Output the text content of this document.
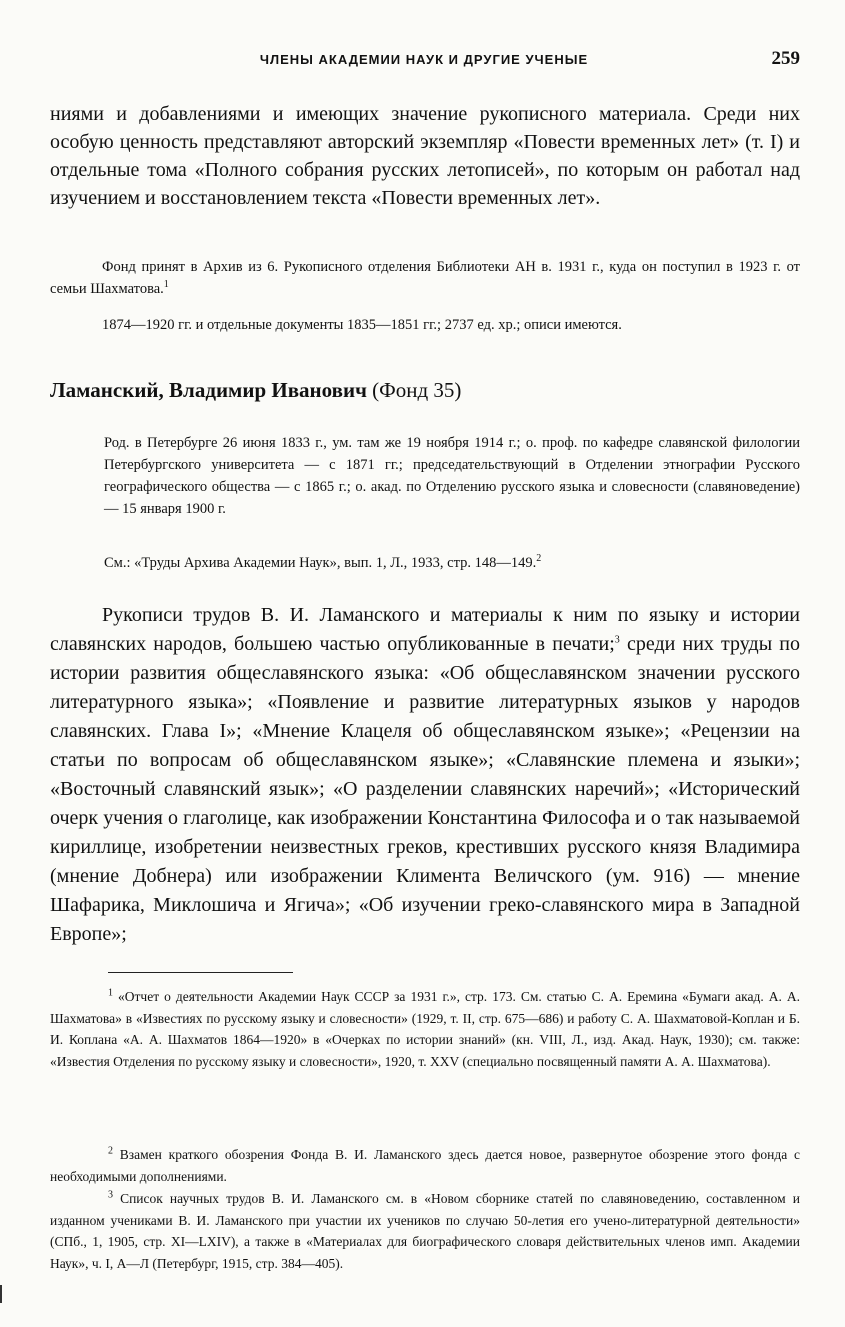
ЧЛЕНЫ АКАДЕМИИ НАУК И ДРУГИЕ УЧЕНЫЕ	259

ниями и добавлениями и имеющих значение рукописного материала. Среди них особую ценность представляют авторский экземпляр «Повести временных лет» (т. I) и отдельные тома «Полного собрания русских летописей», по которым он работал над изучением и восстановлением текста «Повести временных лет».

Фонд принят в Архив из 6. Рукописного отделения Библиотеки АН в. 1931 г., куда он поступил в 1923 г. от семьи Шахматова.$^1$

1874—1920 гг. и отдельные документы 1835—1851 гг.; 2737 ед. хр.; описи имеются.

Ламанский, Владимир Иванович (Фонд 35)

Род. в Петербурге 26 июня 1833 г., ум. там же 19 ноября 1914 г.; о. проф. по кафедре славянской филологии Петербургского университета — с 1871 гг.; председательствующий в Отделении этнографии Русского географического общества — с 1865 г.; о. акад. по Отделению русского языка и словесности (славяноведение) — 15 января 1900 г.

См.: «Труды Архива Академии Наук», вып. 1, Л., 1933, стр. 148—149.$^2$

Рукописи трудов В. И. Ламанского и материалы к ним по языку и истории славянских народов, большею частью опубликованные в печати;$^3$ среди них труды по истории развития общеславянского языка: «Об общеславянском значении русского литературного языка»; «Появление и развитие литературных языков у народов славянских. Глава I»; «Мнение Клацеля об общеславянском языке»; «Рецензии на статьи по вопросам об общеславянском языке»; «Славянские племена и языки»; «Восточный славянский язык»; «О разделении славянских наречий»; «Исторический очерк учения о глаголице, как изображении Константина Философа и о так называемой кириллице, изобретении неизвестных греков, крестивших русского князя Владимира (мнение Добнера) или изображении Климента Величского (ум. 916) — мнение Шафарика, Миклошича и Ягича»; «Об изучении греко-славянского мира в Западной Европе»;

$^1$ «Отчет о деятельности Академии Наук СССР за 1931 г.», стр. 173. См. статью С. А. Еремина «Бумаги акад. А. А. Шахматова» в «Известиях по русскому языку и словесности» (1929, т. II, стр. 675—686) и работу С. А. Шахматовой-Коплан и Б. И. Коплана «А. А. Шахматов 1864—1920» в «Очерках по истории знаний» (кн. VIII, Л., изд. Акад. Наук, 1930); см. также: «Известия Отделения по русскому языку и словесности», 1920, т. XXV (специально посвященный памяти А. А. Шахматова).

$^2$ Взамен краткого обозрения Фонда В. И. Ламанского здесь дается новое, развернутое обозрение этого фонда с необходимыми дополнениями.

$^3$ Список научных трудов В. И. Ламанского см. в «Новом сборнике статей по славяноведению, составленном и изданном учениками В. И. Ламанского при участии их учеников по случаю 50-летия его учено-литературной деятельности» (СПб., 1, 1905, стр. XI—LXIV), а также в «Материалах для биографического словаря действительных членов имп. Академии Наук», ч. I, А—Л (Петербург, 1915, стр. 384—405).
